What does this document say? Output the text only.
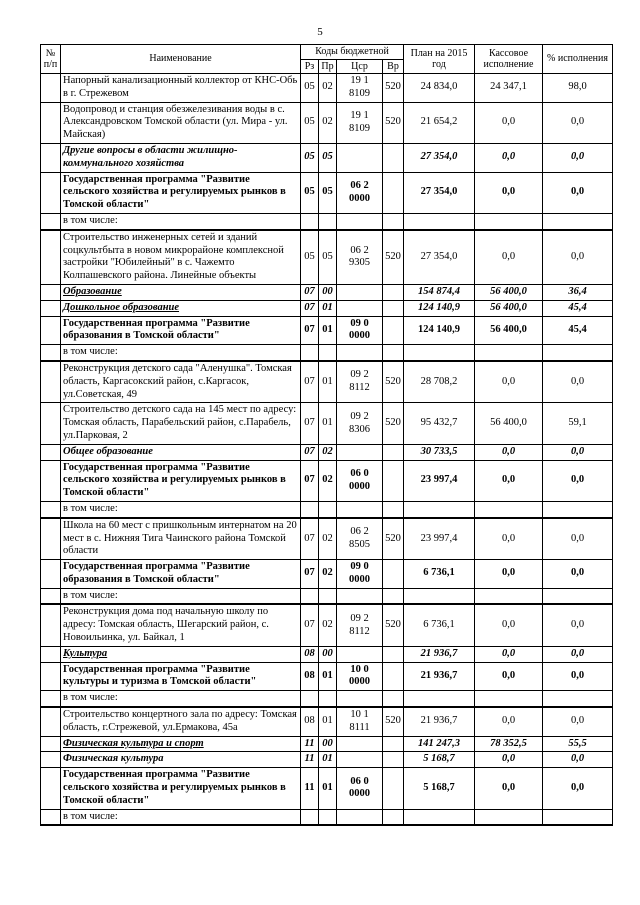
5
№ п/п	Наименование	Коды бюджетной				План на 2015 год	Кассовое исполнение	% исполнения
		Рз	Пр	Цср	Вр			
	Напорный канализационный коллектор от КНС-Обь в г. Стрежевом	05	02	19 1 8109	520	24 834,0	24 347,1	98,0
	Водопровод и станция обезжелезивания воды в с. Александровском Томской области (ул. Мира - ул. Майская)	05	02	19 1 8109	520	21 654,2	0,0	0,0
	Другие вопросы в области жилищно-коммунального хозяйства	05	05			27 354,0	0,0	0,0
	Государственная программа "Развитие сельского хозяйства и регулируемых рынков в Томской области"	05	05	06 2 0000		27 354,0	0,0	0,0
	в том числе:							
	Строительство инженерных сетей и зданий соцкультбыта в новом микрорайоне комплексной застройки "Юбилейный" в с. Чажемто Колпашевского района. Линейные объекты	05	05	06 2 9305	520	27 354,0	0,0	0,0
	Образование	07	00			154 874,4	56 400,0	36,4
	Дошкольное образование	07	01			124 140,9	56 400,0	45,4
	Государственная программа "Развитие образования в Томской области"	07	01	09 0 0000		124 140,9	56 400,0	45,4
	в том числе:							
	Реконструкция детского сада "Аленушка". Томская область, Каргасокский район, с.Каргасок, ул.Советская, 49	07	01	09 2 8112	520	28 708,2	0,0	0,0
	Строительство детского сада на 145 мест по адресу: Томская область, Парабельский район, с.Парабель, ул.Парковая, 2	07	01	09 2 8306	520	95 432,7	56 400,0	59,1
	Общее образование	07	02			30 733,5	0,0	0,0
	Государственная программа "Развитие сельского хозяйства и регулируемых рынков в Томской области"	07	02	06 0 0000		23 997,4	0,0	0,0
	в том числе:							
	Школа на 60 мест с пришкольным интернатом на 20 мест в с. Нижняя Тига Чаинского района Томской области	07	02	06 2 8505	520	23 997,4	0,0	0,0
	Государственная программа "Развитие образования в Томской области"	07	02	09 0 0000		6 736,1	0,0	0,0
	в том числе:							
	Реконструкция дома под начальную школу по адресу: Томская область, Шегарский район, с. Новоильинка, ул. Байкал, 1	07	02	09 2 8112	520	6 736,1	0,0	0,0
	Культура	08	00			21 936,7	0,0	0,0
	Государственная программа "Развитие культуры и туризма в Томской области"	08	01	10 0 0000		21 936,7	0,0	0,0
	в том числе:							
	Строительство концертного зала по адресу: Томская область, г.Стрежевой, ул.Ермакова, 45а	08	01	10 1 8111	520	21 936,7	0,0	0,0
	Физическая культура и спорт	11	00			141 247,3	78 352,5	55,5
	Физическая культура	11	01			5 168,7	0,0	0,0
	Государственная программа "Развитие сельского хозяйства и регулируемых рынков в Томской области"	11	01	06 0 0000		5 168,7	0,0	0,0
	в том числе:							
